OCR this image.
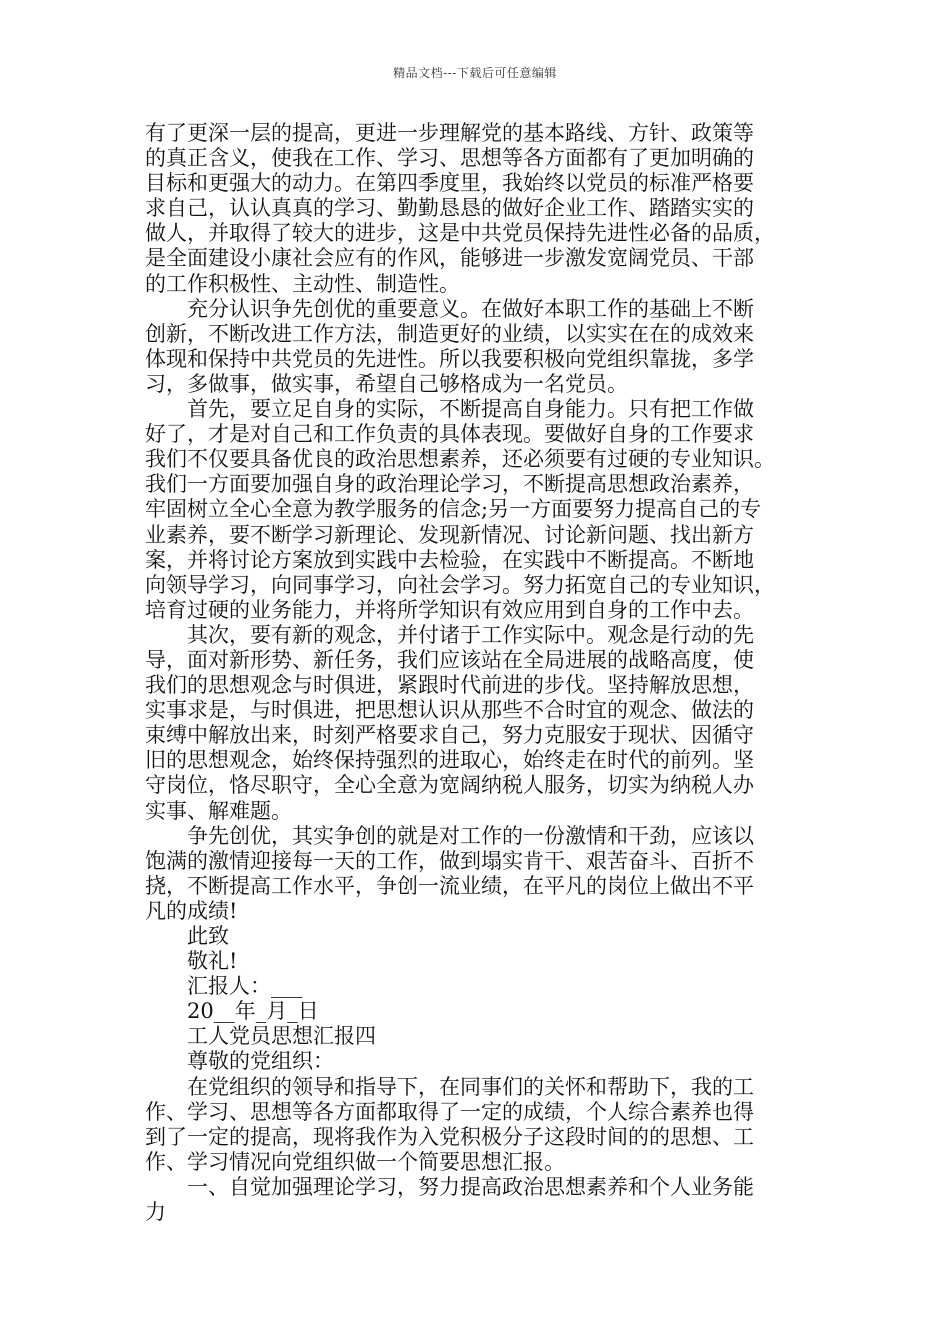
精品文档---下载后可任意编辑
有了更深一层的提高，更进一步理解党的基本路线、方针、政策等
的真正含义，使我在工作、学习、思想等各方面都有了更加明确的
目标和更强大的动力。在第四季度里，我始终以党员的标准严格要
求自己，认认真真的学习、勤勤恳恳的做好企业工作、踏踏实实的
做人，并取得了较大的进步，这是中共党员保持先进性必备的品质，
是全面建设小康社会应有的作风，能够进一步激发宽阔党员、干部
的工作积极性、主动性、制造性。
　　充分认识争先创优的重要意义。在做好本职工作的基础上不断
创新，不断改进工作方法，制造更好的业绩，以实实在在的成效来
体现和保持中共党员的先进性。所以我要积极向党组织靠拢，多学
习，多做事，做实事，希望自己够格成为一名党员。
　　首先，要立足自身的实际，不断提高自身能力。只有把工作做
好了，才是对自己和工作负责的具体表现。要做好自身的工作要求
我们不仅要具备优良的政治思想素养，还必须要有过硬的专业知识。
我们一方面要加强自身的政治理论学习，不断提高思想政治素养，
牢固树立全心全意为教学服务的信念;另一方面要努力提高自己的专
业素养，要不断学习新理论、发现新情况、讨论新问题、找出新方
案，并将讨论方案放到实践中去检验，在实践中不断提高。不断地
向领导学习，向同事学习，向社会学习。努力拓宽自己的专业知识，
培育过硬的业务能力，并将所学知识有效应用到自身的工作中去。
　　其次，要有新的观念，并付诸于工作实际中。观念是行动的先
导，面对新形势、新任务，我们应该站在全局进展的战略高度，使
我们的思想观念与时俱进，紧跟时代前进的步伐。坚持解放思想，
实事求是，与时俱进，把思想认识从那些不合时宜的观念、做法的
束缚中解放出来，时刻严格要求自己，努力克服安于现状、因循守
旧的思想观念，始终保持强烈的进取心，始终走在时代的前列。坚
守岗位，恪尽职守，全心全意为宽阔纳税人服务，切实为纳税人办
实事、解难题。
　　争先创优，其实争创的就是对工作的一份激情和干劲，应该以
饱满的激情迎接每一天的工作，做到塌实肯干、艰苦奋斗、百折不
挠，不断提高工作水平，争创一流业绩，在平凡的岗位上做出不平
凡的成绩!
　　此致
　　敬礼!
　　汇报人：___
　　20__年_月_日
　　工人党员思想汇报四
　　尊敬的党组织：
　　在党组织的领导和指导下，在同事们的关怀和帮助下，我的工
作、学习、思想等各方面都取得了一定的成绩，个人综合素养也得
到了一定的提高，现将我作为入党积极分子这段时间的的思想、工
作、学习情况向党组织做一个简要思想汇报。
　　一、自觉加强理论学习，努力提高政治思想素养和个人业务能
力
